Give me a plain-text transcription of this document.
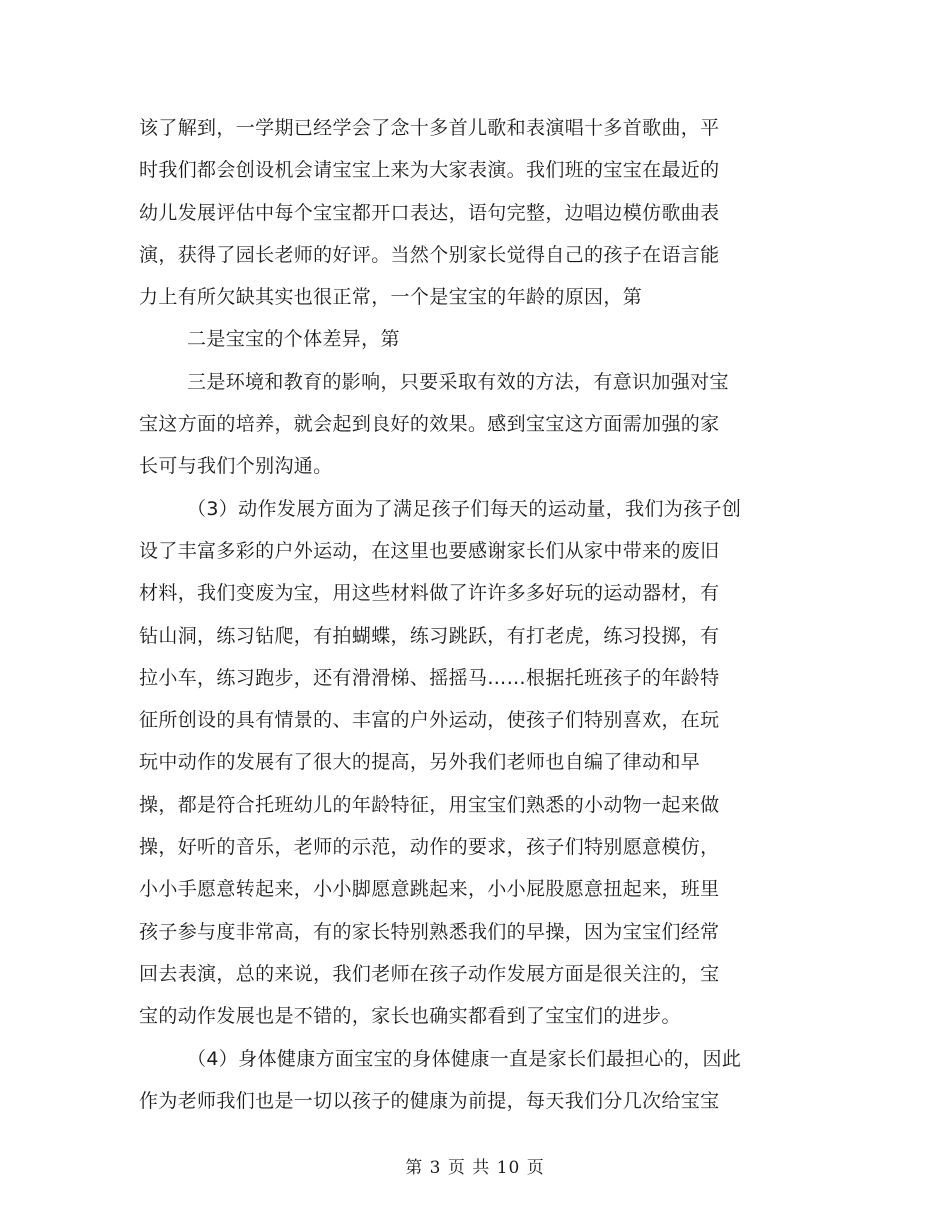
该了解到，一学期已经学会了念十多首儿歌和表演唱十多首歌曲，平
时我们都会创设机会请宝宝上来为大家表演。我们班的宝宝在最近的
幼儿发展评估中每个宝宝都开口表达，语句完整，边唱边模仿歌曲表
演，获得了园长老师的好评。当然个别家长觉得自己的孩子在语言能
力上有所欠缺其实也很正常，一个是宝宝的年龄的原因，第
二是宝宝的个体差异，第
三是环境和教育的影响，只要采取有效的方法，有意识加强对宝
宝这方面的培养，就会起到良好的效果。感到宝宝这方面需加强的家
长可与我们个别沟通。
（3）动作发展方面为了满足孩子们每天的运动量，我们为孩子创
设了丰富多彩的户外运动，在这里也要感谢家长们从家中带来的废旧
材料，我们变废为宝，用这些材料做了许许多多好玩的运动器材，有
钻山洞，练习钻爬，有拍蝴蝶，练习跳跃，有打老虎，练习投掷，有
拉小车，练习跑步，还有滑滑梯、摇摇马……根据托班孩子的年龄特
征所创设的具有情景的、丰富的户外运动，使孩子们特别喜欢，在玩
玩中动作的发展有了很大的提高，另外我们老师也自编了律动和早
操，都是符合托班幼儿的年龄特征，用宝宝们熟悉的小动物一起来做
操，好听的音乐，老师的示范，动作的要求，孩子们特别愿意模仿，
小小手愿意转起来，小小脚愿意跳起来，小小屁股愿意扭起来，班里
孩子参与度非常高，有的家长特别熟悉我们的早操，因为宝宝们经常
回去表演，总的来说，我们老师在孩子动作发展方面是很关注的，宝
宝的动作发展也是不错的，家长也确实都看到了宝宝们的进步。
（4）身体健康方面宝宝的身体健康一直是家长们最担心的，因此
作为老师我们也是一切以孩子的健康为前提，每天我们分几次给宝宝
第 3 页 共 10 页
